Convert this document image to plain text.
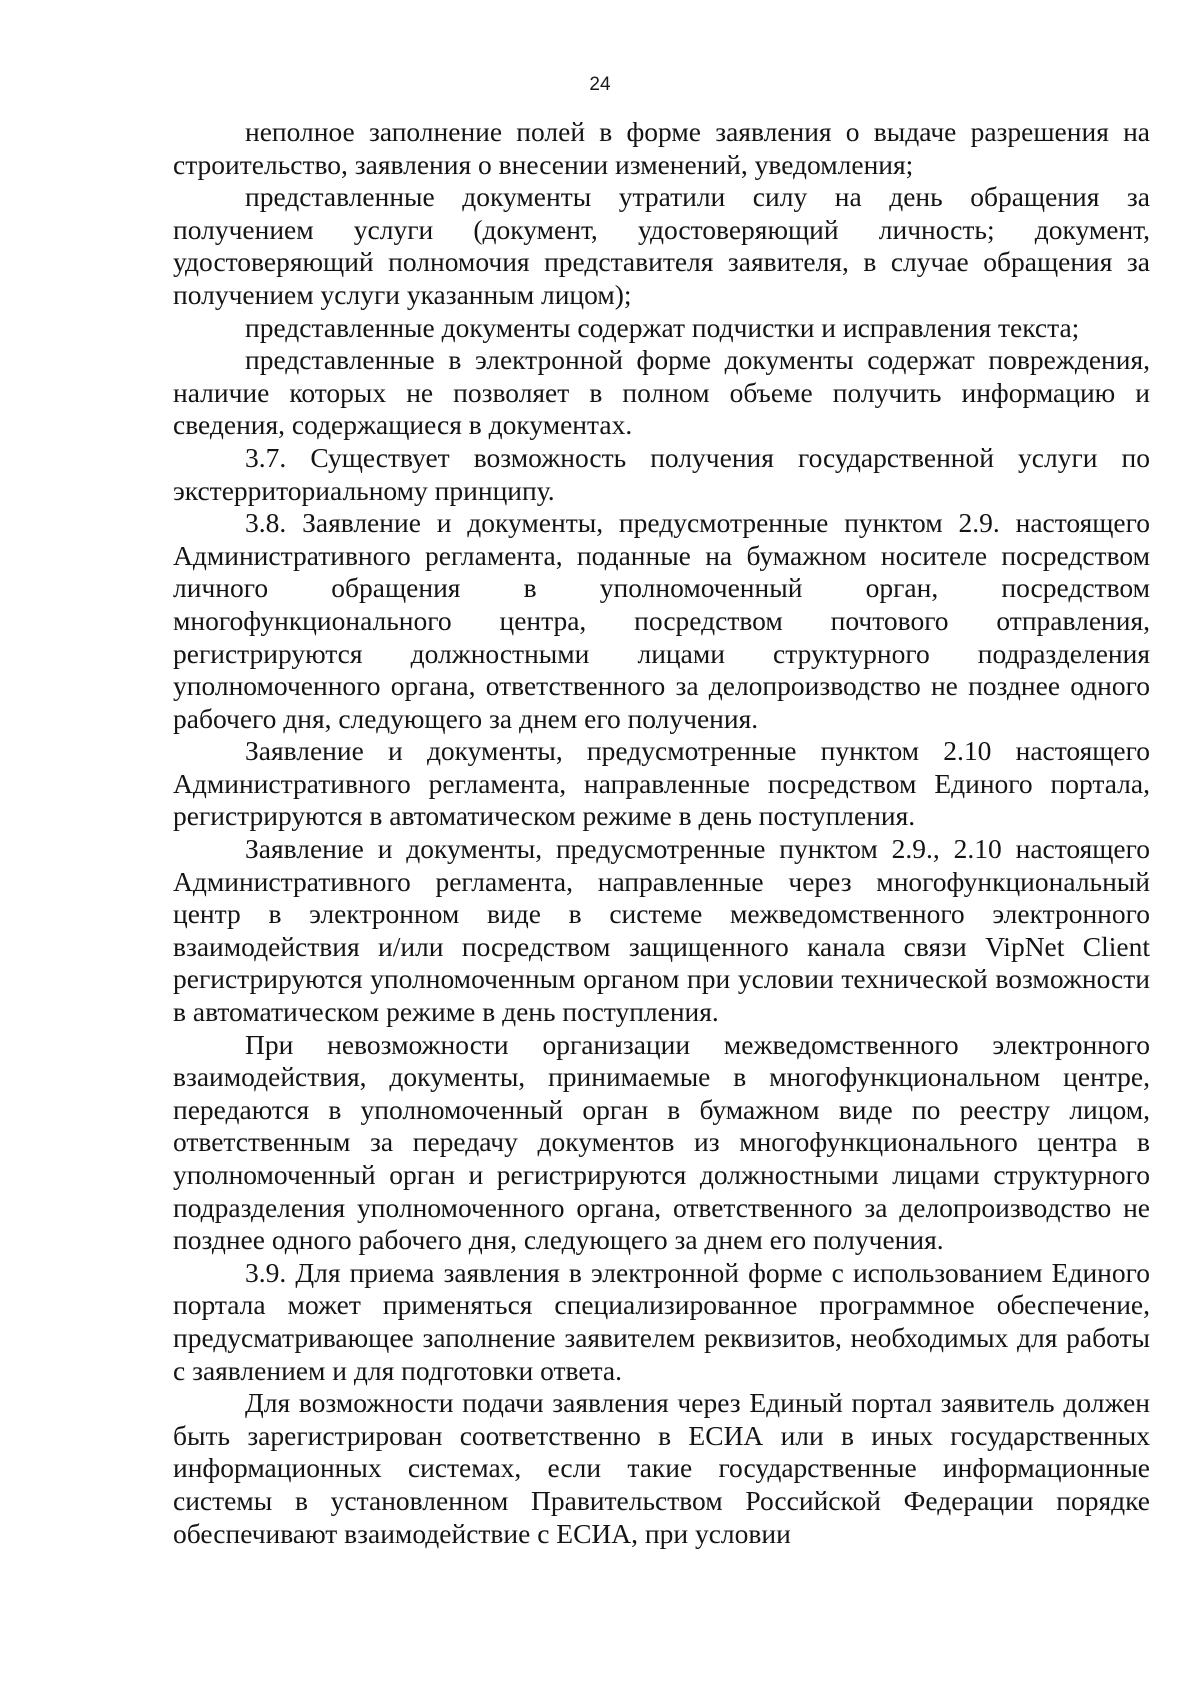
24

неполное заполнение полей в форме заявления о выдаче разрешения на строительство, заявления о внесении изменений, уведомления;

представленные документы утратили силу на день обращения за получением услуги (документ, удостоверяющий личность; документ, удостоверяющий полномочия представителя заявителя, в случае обращения за получением услуги указанным лицом);

представленные документы содержат подчистки и исправления текста;

представленные в электронной форме документы содержат повреждения, наличие которых не позволяет в полном объеме получить информацию и сведения, содержащиеся в документах.

3.7. Существует возможность получения государственной услуги по экстерриториальному принципу.

3.8. Заявление и документы, предусмотренные пунктом 2.9. настоящего Административного регламента, поданные на бумажном носителе посредством личного обращения в уполномоченный орган, посредством многофункционального центра, посредством почтового отправления, регистрируются должностными лицами структурного подразделения уполномоченного органа, ответственного за делопроизводство не позднее одного рабочего дня, следующего за днем его получения.

Заявление и документы, предусмотренные пунктом 2.10 настоящего Административного регламента, направленные посредством Единого портала, регистрируются в автоматическом режиме в день поступления.

Заявление и документы, предусмотренные пунктом 2.9., 2.10 настоящего Административного регламента, направленные через многофункциональный центр в электронном виде в системе межведомственного электронного взаимодействия и/или посредством защищенного канала связи VipNet Client регистрируются уполномоченным органом при условии технической возможности в автоматическом режиме в день поступления.

При невозможности организации межведомственного электронного взаимодействия, документы, принимаемые в многофункциональном центре, передаются в уполномоченный орган в бумажном виде по реестру лицом, ответственным за передачу документов из многофункционального центра в уполномоченный орган и регистрируются должностными лицами структурного подразделения уполномоченного органа, ответственного за делопроизводство не позднее одного рабочего дня, следующего за днем его получения.

3.9. Для приема заявления в электронной форме с использованием Единого портала может применяться специализированное программное обеспечение, предусматривающее заполнение заявителем реквизитов, необходимых для работы с заявлением и для подготовки ответа.

Для возможности подачи заявления через Единый портал заявитель должен быть зарегистрирован соответственно в ЕСИА или в иных государственных информационных системах, если такие государственные информационные системы в установленном Правительством Российской Федерации порядке обеспечивают взаимодействие с ЕСИА, при условии
